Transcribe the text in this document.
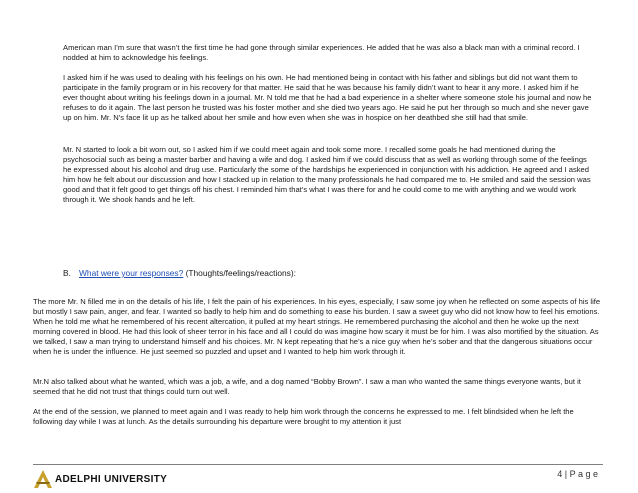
American man I’m sure that wasn’t the first time he had gone through similar experiences. He added that he was also a black man with a criminal record. I nodded at him to acknowledge his feelings.

I asked him if he was used to dealing with his feelings on his own. He had mentioned being in contact with his father and siblings but did not want them to participate in the family program or in his recovery for that matter. He said that he was because his family didn’t want to hear it any more. I asked him if he ever thought about writing his feelings down in a journal. Mr. N told me that he had a bad experience in a shelter where someone stole his journal and now he refuses to do it again. The last person he trusted was his foster mother and she died two years ago. He said he put her through so much and she never gave up on him. Mr. N’s face lit up as he talked about her smile and how even when she was in hospice on her deathbed she still had that smile.

Mr. N started to look a bit worn out, so I asked him if we could meet again and took some more. I recalled some goals he had mentioned during the psychosocial such as being a master barber and having a wife and dog. I asked him if we could discuss that as well as working through some of the feelings he expressed about his alcohol and drug use. Particularly the some of the hardships he experienced in conjunction with his addiction. He agreed and I asked him how he felt about our discussion and how I stacked up in relation to the many professionals he had compared me to. He smiled and said the session was good and that it felt good to get things off his chest. I reminded him that’s what I was there for and he could come to me with anything and we would work through it. We shook hands and he left.

B. What were your responses? (Thoughts/feelings/reactions):

The more Mr. N filled me in on the details of his life, I felt the pain of his experiences. In his eyes, especially, I saw some joy when he reflected on some aspects of his life but mostly I saw pain, anger, and fear. I wanted so badly to help him and do something to ease his burden. I saw a sweet guy who did not know how to feel his emotions. When he told me what he remembered of his recent altercation, it pulled at my heart strings. He remembered purchasing the alcohol and then he woke up the next morning covered in blood. He had this look of sheer terror in his face and all I could do was imagine how scary it must be for him. I was also mortified by the situation. As we talked, I saw a man trying to understand himself and his choices. Mr. N kept repeating that he’s a nice guy when he’s sober and that the dangerous situations occur when he is under the influence. He just seemed so puzzled and upset and I wanted to help him work through it.

Mr.N also talked about what he wanted, which was a job, a wife, and a dog named “Bobby Brown”. I saw a man who wanted the same things everyone wants, but it seemed that he did not trust that things could turn out well.

At the end of the session, we planned to meet again and I was ready to help him work through the concerns he expressed to me. I felt blindsided when he left the following day while I was at lunch. As the details surrounding his departure were brought to my attention it just

ADELPHI UNIVERSITY	4 | P a g e
